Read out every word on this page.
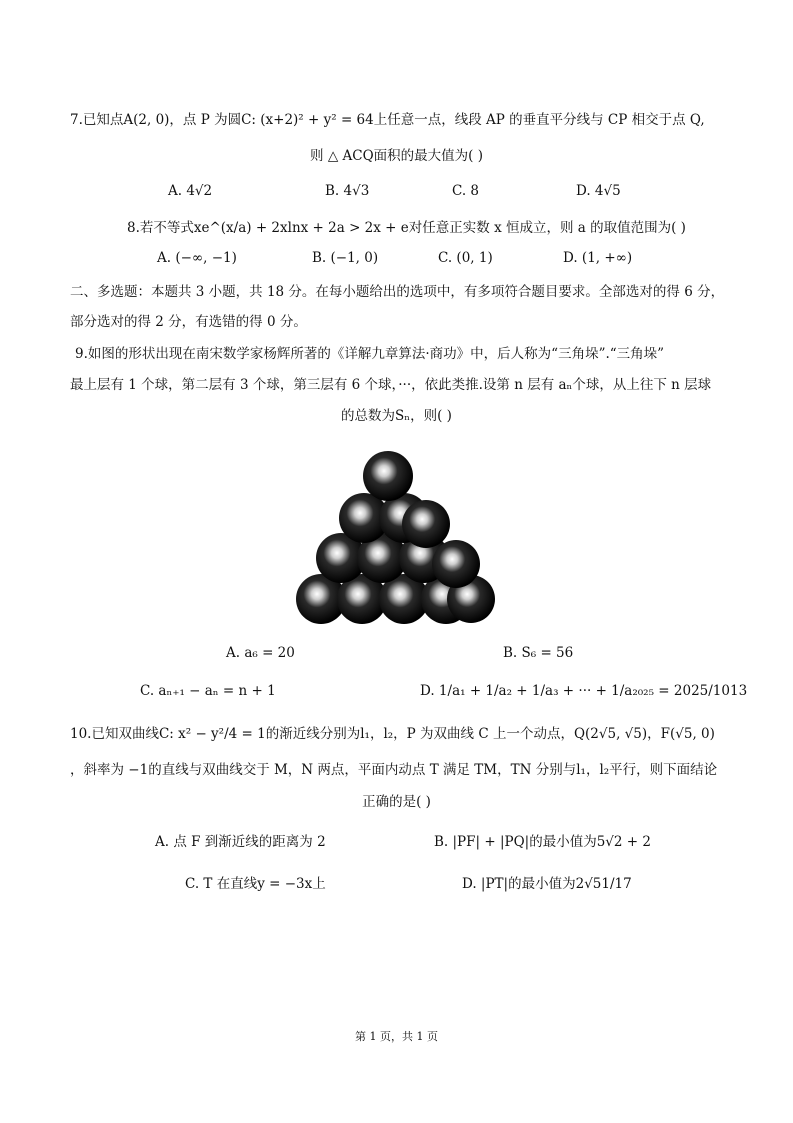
7.已知点A(2, 0)，点 P 为圆C: (x+2)² + y² = 64上任意一点，线段 AP 的垂直平分线与 CP 相交于点 Q,
则 △ ACQ面积的最大值为( )
A. 4√2	B. 4√3	C. 8	D. 4√5
8.若不等式xe^(x/a) + 2xlnx + 2a > 2x + e对任意正实数 x 恒成立，则 a 的取值范围为( )
A. (−∞, −1)	B. (−1, 0)	C. (0, 1)	D. (1, +∞)
二、多选题：本题共 3 小题，共 18 分。在每小题给出的选项中，有多项符合题目要求。全部选对的得 6 分，
部分选对的得 2 分，有选错的得 0 分。
9.如图的形状出现在南宋数学家杨辉所著的《详解九章算法·商功》中，后人称为“三角垛”.“三角垛”
最上层有 1 个球，第二层有 3 个球，第三层有 6 个球，···，依此类推.设第 n 层有 aₙ个球，从上往下 n 层球
的总数为Sₙ，则( )
A. a₆ = 20	B. S₆ = 56
C. aₙ₊₁ − aₙ = n + 1	D. 1/a₁ + 1/a₂ + 1/a₃ + ··· + 1/a₂₀₂₅ = 2025/1013
10.已知双曲线C: x² − y²/4 = 1的渐近线分别为l₁，l₂，P 为双曲线 C 上一个动点，Q(2√5, √5)，F(√5, 0)
，斜率为 −1的直线与双曲线交于 M，N 两点，平面内动点 T 满足 TM，TN 分别与l₁，l₂平行，则下面结论
正确的是( )
A. 点 F 到渐近线的距离为 2	B. |PF| + |PQ|的最小值为5√2 + 2
C. T 在直线y = −3x上	D. |PT|的最小值为2√51/17
第 1 页，共 1 页
